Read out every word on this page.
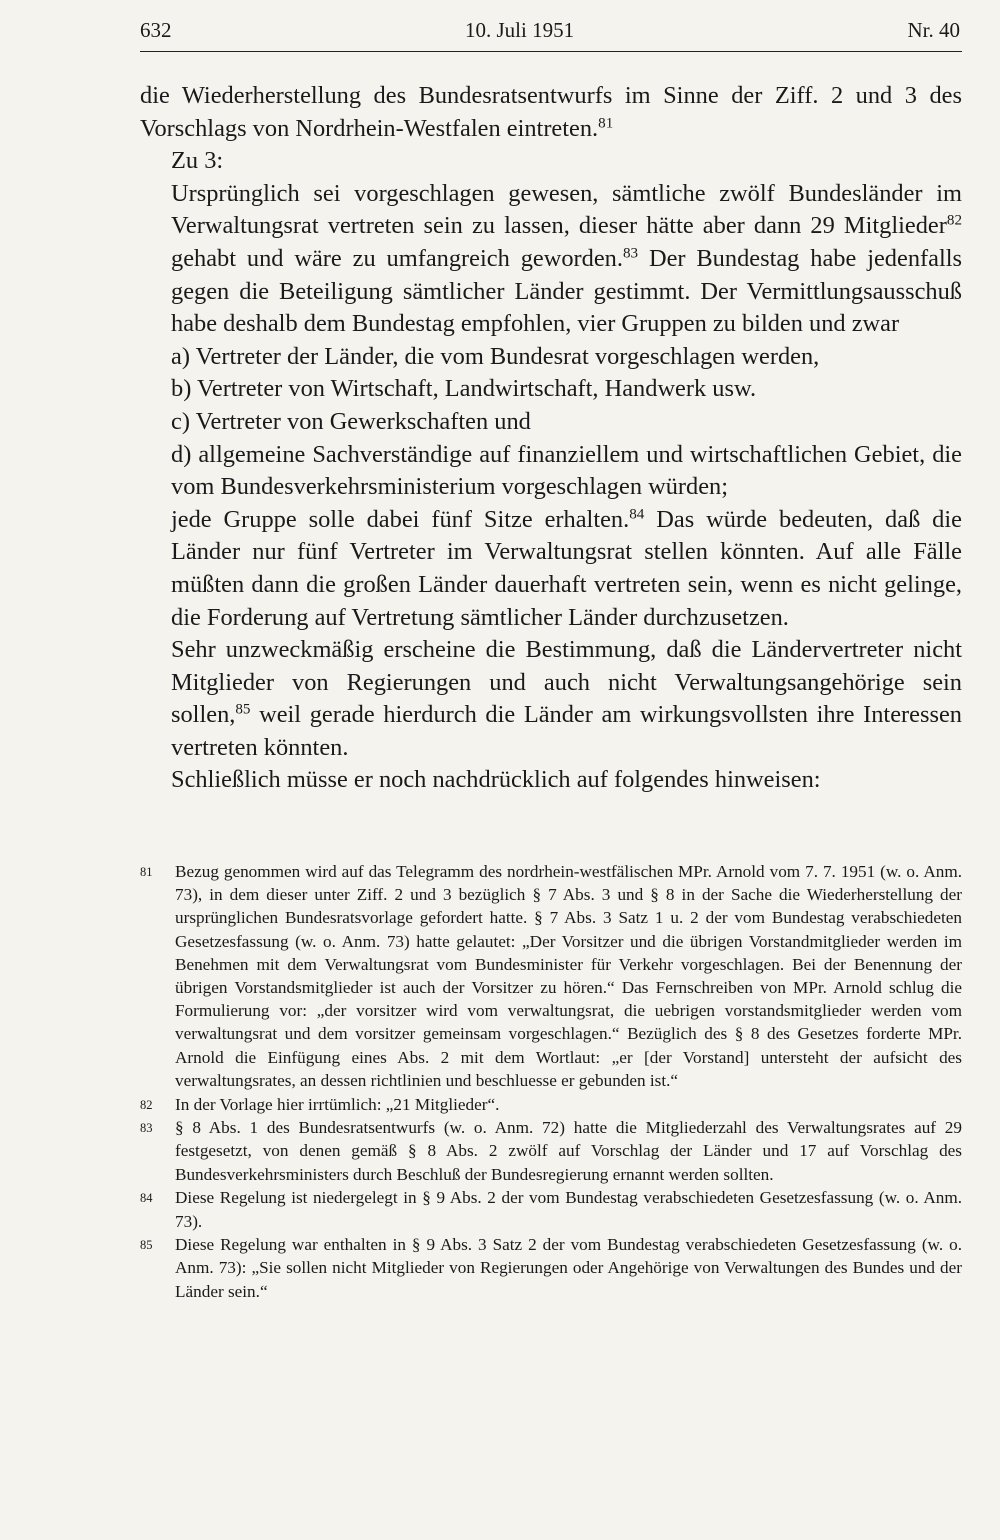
632	10. Juli 1951	Nr. 40

die Wiederherstellung des Bundesratsentwurfs im Sinne der Ziff. 2 und 3 des Vorschlags von Nordrhein-Westfalen eintreten.$^{81}$

Zu 3:

Ursprünglich sei vorgeschlagen gewesen, sämtliche zwölf Bundesländer im Verwaltungsrat vertreten sein zu lassen, dieser hätte aber dann 29 Mitglieder$^{82}$ gehabt und wäre zu umfangreich geworden.$^{83}$ Der Bundestag habe jedenfalls gegen die Beteiligung sämtlicher Länder gestimmt. Der Vermittlungsausschuß habe deshalb dem Bundestag empfohlen, vier Gruppen zu bilden und zwar

a) Vertreter der Länder, die vom Bundesrat vorgeschlagen werden,

b) Vertreter von Wirtschaft, Landwirtschaft, Handwerk usw.

c) Vertreter von Gewerkschaften und

d) allgemeine Sachverständige auf finanziellem und wirtschaftlichen Gebiet, die vom Bundesverkehrsministerium vorgeschlagen würden;

jede Gruppe solle dabei fünf Sitze erhalten.$^{84}$ Das würde bedeuten, daß die Länder nur fünf Vertreter im Verwaltungsrat stellen könnten. Auf alle Fälle müßten dann die großen Länder dauerhaft vertreten sein, wenn es nicht gelinge, die Forderung auf Vertretung sämtlicher Länder durchzusetzen.

Sehr unzweckmäßig erscheine die Bestimmung, daß die Ländervertreter nicht Mitglieder von Regierungen und auch nicht Verwaltungsangehörige sein sollen,$^{85}$ weil gerade hierdurch die Länder am wirkungsvollsten ihre Interessen vertreten könnten.

Schließlich müsse er noch nachdrücklich auf folgendes hinweisen:

81 Bezug genommen wird auf das Telegramm des nordrhein-westfälischen MPr. Arnold vom 7. 7. 1951 (w. o. Anm. 73), in dem dieser unter Ziff. 2 und 3 bezüglich § 7 Abs. 3 und § 8 in der Sache die Wiederherstellung der ursprünglichen Bundesratsvorlage gefordert hatte. § 7 Abs. 3 Satz 1 u. 2 der vom Bundestag verabschiedeten Gesetzesfassung (w. o. Anm. 73) hatte gelautet: „Der Vorsitzer und die übrigen Vorstandmitglieder werden im Benehmen mit dem Verwaltungsrat vom Bundesminister für Verkehr vorgeschlagen. Bei der Benennung der übrigen Vorstandsmitglieder ist auch der Vorsitzer zu hören.“ Das Fernschreiben von MPr. Arnold schlug die Formulierung vor: „der vorsitzer wird vom verwaltungsrat, die uebrigen vorstandsmitglieder werden vom verwaltungsrat und dem vorsitzer gemeinsam vorgeschlagen.“ Bezüglich des § 8 des Gesetzes forderte MPr. Arnold die Einfügung eines Abs. 2 mit dem Wortlaut: „er [der Vorstand] untersteht der aufsicht des verwaltungsrates, an dessen richtlinien und beschluesse er gebunden ist.“
82 In der Vorlage hier irrtümlich: „21 Mitglieder“.
83 § 8 Abs. 1 des Bundesratsentwurfs (w. o. Anm. 72) hatte die Mitgliederzahl des Verwaltungsrates auf 29 festgesetzt, von denen gemäß § 8 Abs. 2 zwölf auf Vorschlag der Länder und 17 auf Vorschlag des Bundesverkehrsministers durch Beschluß der Bundesregierung ernannt werden sollten.
84 Diese Regelung ist niedergelegt in § 9 Abs. 2 der vom Bundestag verabschiedeten Gesetzesfassung (w. o. Anm. 73).
85 Diese Regelung war enthalten in § 9 Abs. 3 Satz 2 der vom Bundestag verabschiedeten Gesetzesfassung (w. o. Anm. 73): „Sie sollen nicht Mitglieder von Regierungen oder Angehörige von Verwaltungen des Bundes und der Länder sein.“
